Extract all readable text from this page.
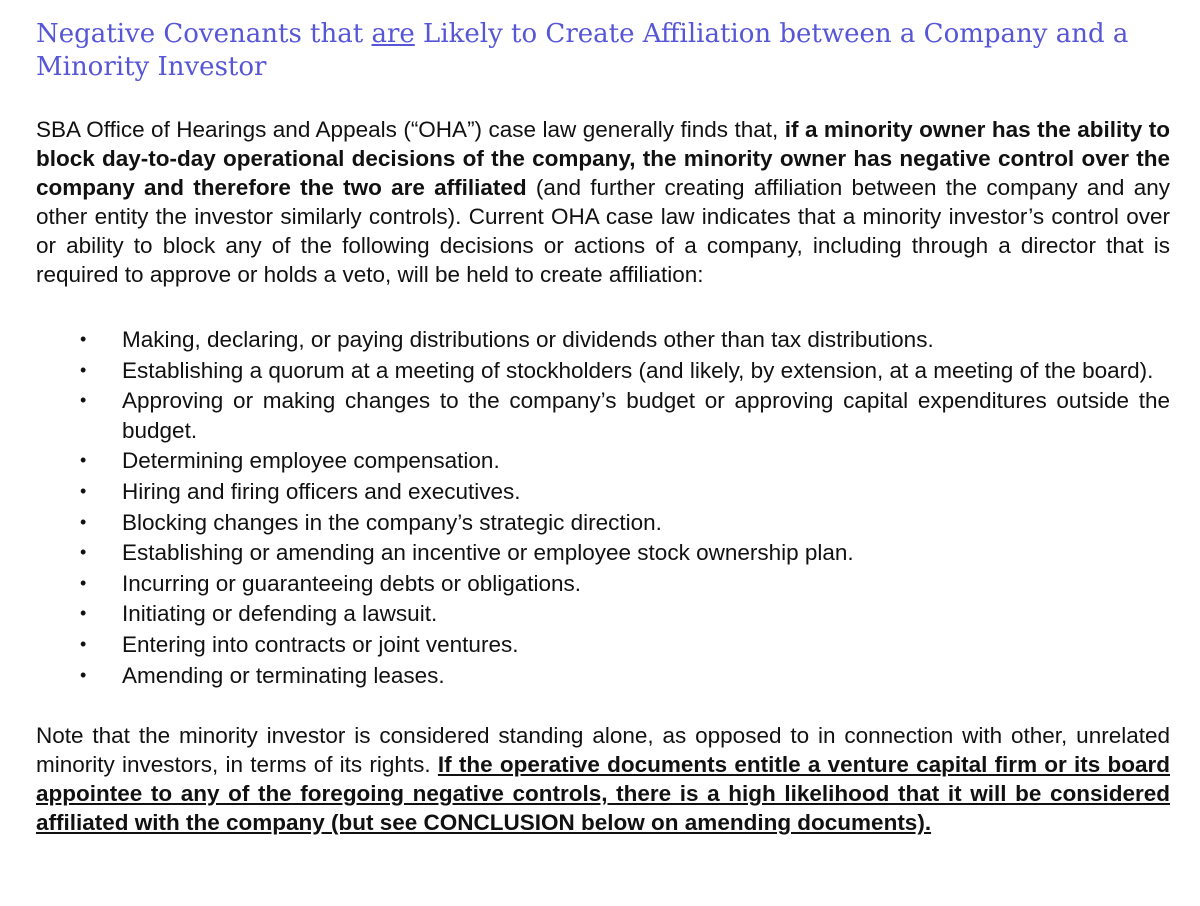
Negative Covenants that are Likely to Create Affiliation between a Company and a Minority Investor

SBA Office of Hearings and Appeals (“OHA”) case law generally finds that, if a minority owner has the ability to block day-to-day operational decisions of the company, the minority owner has negative control over the company and therefore the two are affiliated (and further creating affiliation between the company and any other entity the investor similarly controls). Current OHA case law indicates that a minority investor’s control over or ability to block any of the following decisions or actions of a company, including through a director that is required to approve or holds a veto, will be held to create affiliation:

• Making, declaring, or paying distributions or dividends other than tax distributions.
• Establishing a quorum at a meeting of stockholders (and likely, by extension, at a meeting of the board).
• Approving or making changes to the company’s budget or approving capital expenditures outside the budget.
• Determining employee compensation.
• Hiring and firing officers and executives.
• Blocking changes in the company’s strategic direction.
• Establishing or amending an incentive or employee stock ownership plan.
• Incurring or guaranteeing debts or obligations.
• Initiating or defending a lawsuit.
• Entering into contracts or joint ventures.
• Amending or terminating leases.

Note that the minority investor is considered standing alone, as opposed to in connection with other, unrelated minority investors, in terms of its rights. If the operative documents entitle a venture capital firm or its board appointee to any of the foregoing negative controls, there is a high likelihood that it will be considered affiliated with the company (but see CONCLUSION below on amending documents).
